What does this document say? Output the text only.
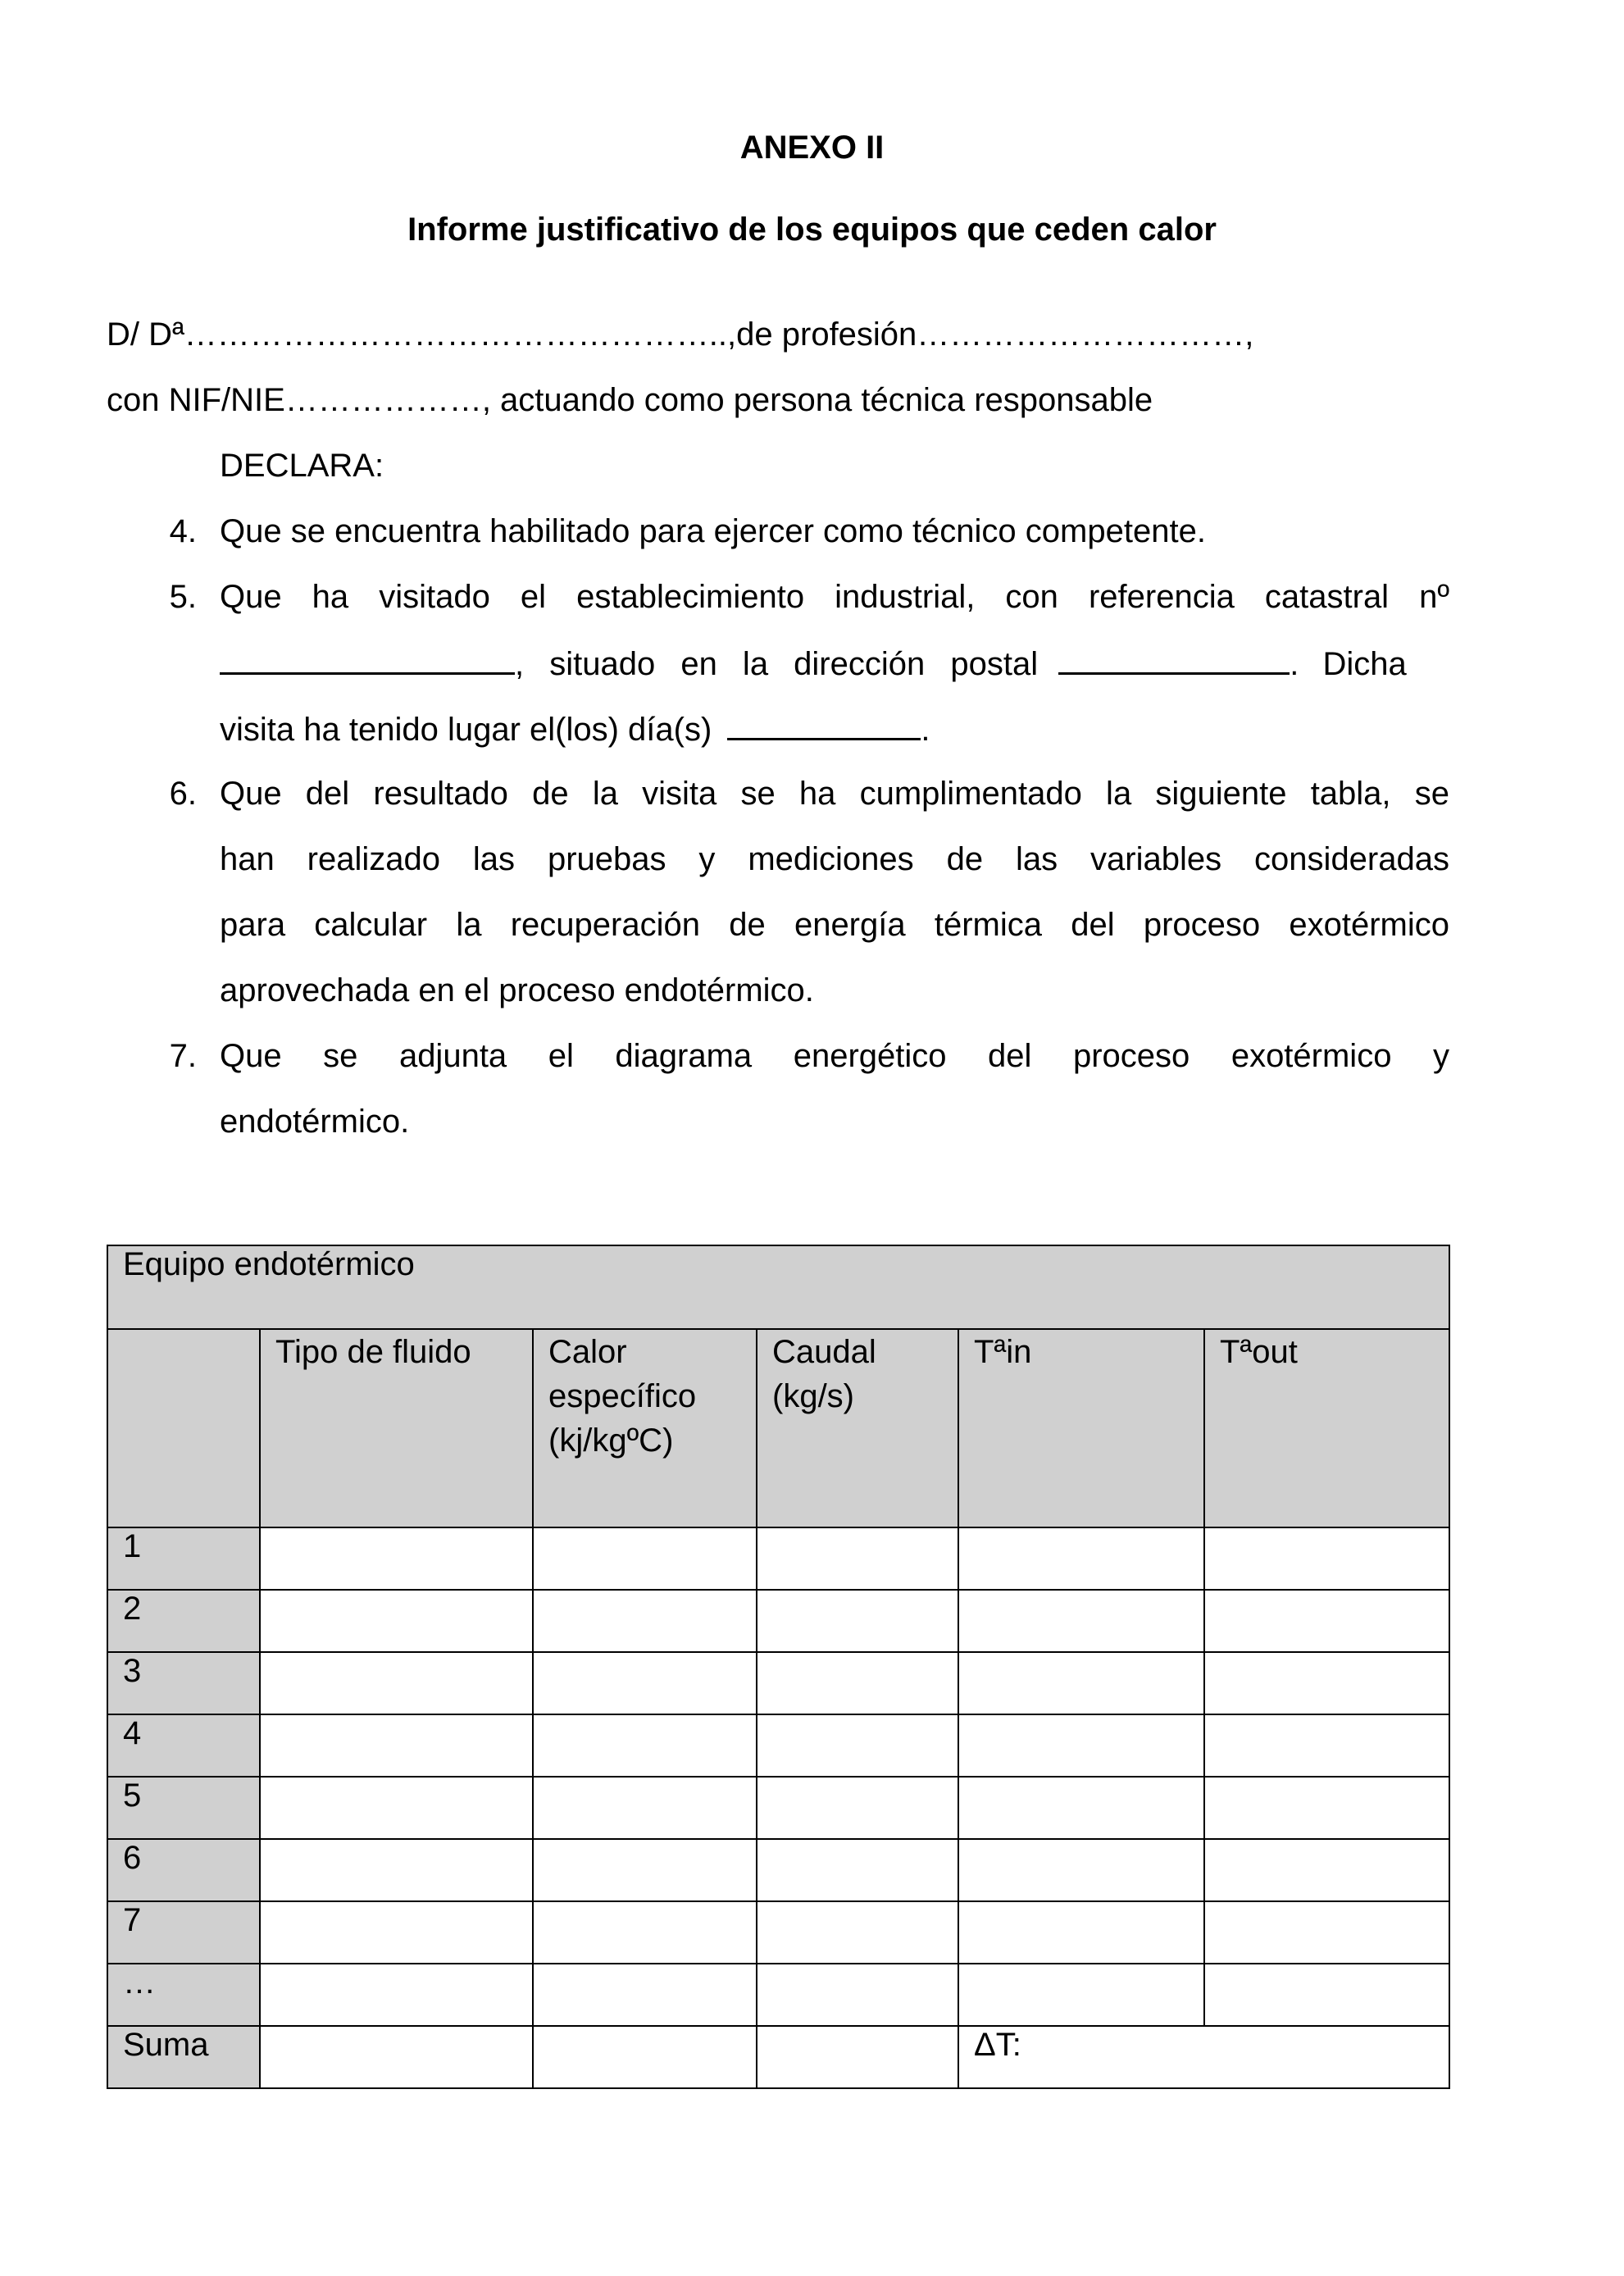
ANEXO II
Informe justificativo de los equipos que ceden calor
D/ Dª…………………………………………..,de profesión…………………………,
con NIF/NIE………………, actuando como persona técnica responsable
DECLARA:
4. Que se encuentra habilitado para ejercer como técnico competente.
5. Que ha visitado el establecimiento industrial, con referencia catastral nº
, situado en la dirección postal	. Dicha
visita ha tenido lugar el(los) día(s)	.
6. Que del resultado de la visita se ha cumplimentado la siguiente tabla, se
han realizado las pruebas y mediciones de las variables consideradas
para calcular la recuperación de energía térmica del proceso exotérmico
aprovechada en el proceso endotérmico.
7. Que se adjunta el diagrama energético del proceso exotérmico y
endotérmico.
Equipo endotérmico					
	Tipo de fluido	Calor específico (kj/kgºC)	Caudal (kg/s)	Tªin	Tªout
1					
2					
3					
4					
5					
6					
7					
…					
Suma				ΔT:	
